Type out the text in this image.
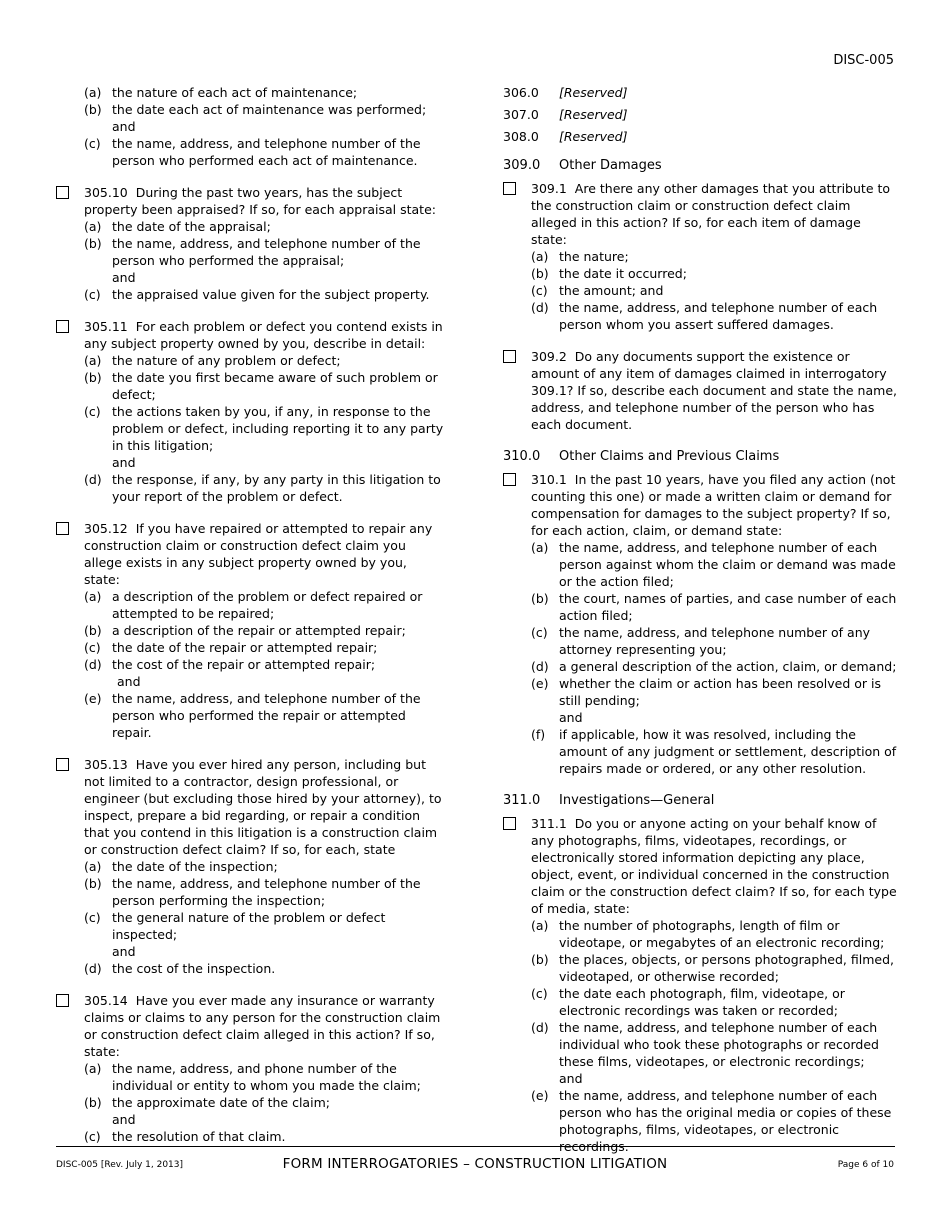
DISC-005
(a) the nature of each act of maintenance;
(b) the date each act of maintenance was performed;
and
(c) the name, address, and telephone number of the person who performed each act of maintenance.
305.10 During the past two years, has the subject property been appraised? If so, for each appraisal state:
(a) the date of the appraisal;
(b) the name, address, and telephone number of the person who performed the appraisal;
and
(c) the appraised value given for the subject property.
305.11 For each problem or defect you contend exists in any subject property owned by you, describe in detail:
(a) the nature of any problem or defect;
(b) the date you first became aware of such problem or defect;
(c) the actions taken by you, if any, in response to the problem or defect, including reporting it to any party in this litigation;
and
(d) the response, if any, by any party in this litigation to your report of the problem or defect.
305.12 If you have repaired or attempted to repair any construction claim or construction defect claim you allege exists in any subject property owned by you, state:
(a) a description of the problem or defect repaired or attempted to be repaired;
(b) a description of the repair or attempted repair;
(c) the date of the repair or attempted repair;
(d) the cost of the repair or attempted repair;
and
(e) the name, address, and telephone number of the person who performed the repair or attempted repair.
305.13 Have you ever hired any person, including but not limited to a contractor, design professional, or engineer (but excluding those hired by your attorney), to inspect, prepare a bid regarding, or repair a condition that you contend in this litigation is a construction claim or construction defect claim? If so, for each, state
(a) the date of the inspection;
(b) the name, address, and telephone number of the person performing the inspection;
(c) the general nature of the problem or defect inspected;
and
(d) the cost of the inspection.
305.14 Have you ever made any insurance or warranty claims or claims to any person for the construction claim or construction defect claim alleged in this action? If so, state:
(a) the name, address, and phone number of the individual or entity to whom you made the claim;
(b) the approximate date of the claim;
and
(c) the resolution of that claim.
306.0	[Reserved]
307.0	[Reserved]
308.0	[Reserved]
309.0	Other Damages
309.1 Are there any other damages that you attribute to the construction claim or construction defect claim alleged in this action? If so, for each item of damage state:
(a) the nature;
(b) the date it occurred;
(c) the amount; and
(d) the name, address, and telephone number of each person whom you assert suffered damages.
309.2 Do any documents support the existence or amount of any item of damages claimed in interrogatory 309.1? If so, describe each document and state the name, address, and telephone number of the person who has each document.
310.0	Other Claims and Previous Claims
310.1 In the past 10 years, have you filed any action (not counting this one) or made a written claim or demand for compensation for damages to the subject property? If so, for each action, claim, or demand state:
(a) the name, address, and telephone number of each person against whom the claim or demand was made or the action filed;
(b) the court, names of parties, and case number of each action filed;
(c) the name, address, and telephone number of any attorney representing you;
(d) a general description of the action, claim, or demand;
(e) whether the claim or action has been resolved or is still pending;
and
(f)	if applicable, how it was resolved, including the amount of any judgment or settlement, description of repairs made or ordered, or any other resolution.
311.0	Investigations—General
311.1 Do you or anyone acting on your behalf know of any photographs, films, videotapes, recordings, or electronically stored information depicting any place, object, event, or individual concerned in the construction claim or the construction defect claim? If so, for each type of media, state:
(a) the number of photographs, length of film or videotape, or megabytes of an electronic recording;
(b) the places, objects, or persons photographed, filmed, videotaped, or otherwise recorded;
(c) the date each photograph, film, videotape, or electronic recordings was taken or recorded;
(d) the name, address, and telephone number of each individual who took these photographs or recorded these films, videotapes, or electronic recordings;
and
(e) the name, address, and telephone number of each person who has the original media or copies of these photographs, films, videotapes, or electronic recordings.
DISC-005 [Rev. July 1, 2013]	FORM INTERROGATORIES – CONSTRUCTION LITIGATION	Page 6 of 10
